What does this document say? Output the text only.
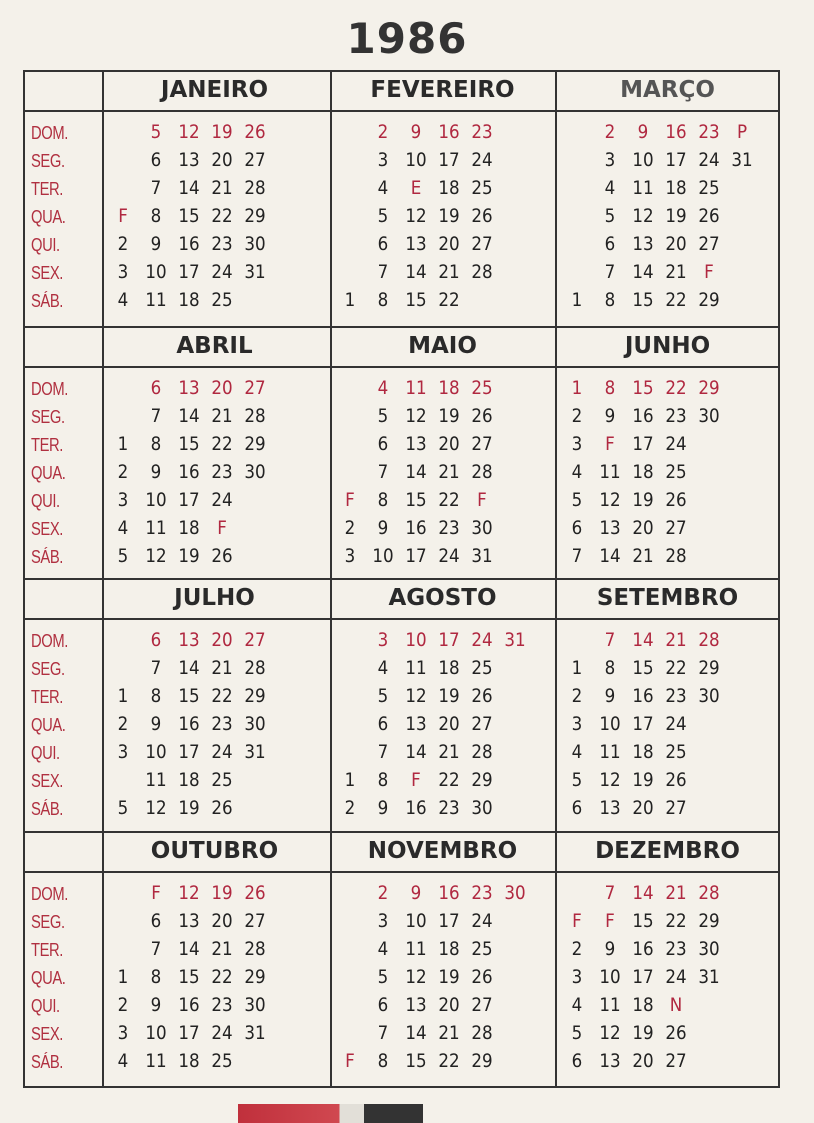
1986
JANEIRO
DOM.
SEG.
TER.
QUA.
QUI.
SEX.
SÁB.
F
2
3
4
5
6
7
8
9
10
11
12
13
14
15
16
17
18
19
20
21
22
23
24
25
26
27
28
29
30
31
FEVEREIRO
1
2
3
4
5
6
7
8
9
10
E
12
13
14
15
16
17
18
19
20
21
22
23
24
25
26
27
28
MARÇO
1
2
3
4
5
6
7
8
9
10
11
12
13
14
15
16
17
18
19
20
21
22
23
24
25
26
27
F
29
P
31
ABRIL
DOM.
SEG.
TER.
QUA.
QUI.
SEX.
SÁB.
1
2
3
4
5
6
7
8
9
10
11
12
13
14
15
16
17
18
19
20
21
22
23
24
F
26
27
28
29
30
MAIO
F
2
3
4
5
6
7
8
9
10
11
12
13
14
15
16
17
18
19
20
21
22
23
24
25
26
27
28
F
30
31
JUNHO
1
2
3
4
5
6
7
8
9
F
11
12
13
14
15
16
17
18
19
20
21
22
23
24
25
26
27
28
29
30
JULHO
DOM.
SEG.
TER.
QUA.
QUI.
SEX.
SÁB.
1
2
3
5
6
7
8
9
10
11
12
13
14
15
16
17
18
19
20
21
22
23
24
25
26
27
28
29
30
31
AGOSTO
1
2
3
4
5
6
7
8
9
10
11
12
13
14
F
16
17
18
19
20
21
22
23
24
25
26
27
28
29
30
31
SETEMBRO
1
2
3
4
5
6
7
8
9
10
11
12
13
14
15
16
17
18
19
20
21
22
23
24
25
26
27
28
29
30
OUTUBRO
DOM.
SEG.
TER.
QUA.
QUI.
SEX.
SÁB.
1
2
3
4
F
6
7
8
9
10
11
12
13
14
15
16
17
18
19
20
21
22
23
24
25
26
27
28
29
30
31
NOVEMBRO
F
2
3
4
5
6
7
8
9
10
11
12
13
14
15
16
17
18
19
20
21
22
23
24
25
26
27
28
29
30
DEZEMBRO
F
2
3
4
5
6
7
F
9
10
11
12
13
14
15
16
17
18
19
20
21
22
23
24
N
26
27
28
29
30
31
